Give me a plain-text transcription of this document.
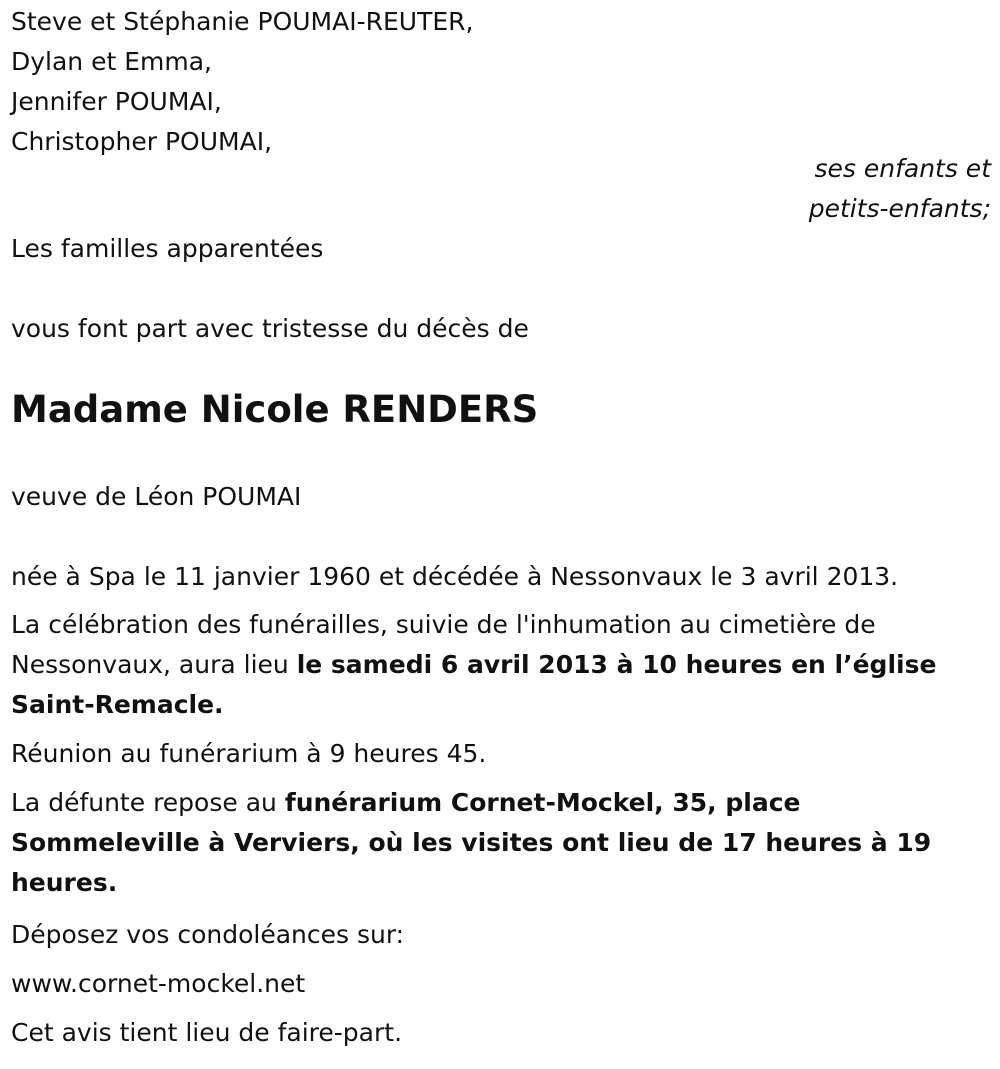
Steve et Stéphanie POUMAI-REUTER,
Dylan et Emma,
Jennifer POUMAI,
Christopher POUMAI,
ses enfants et
petits-enfants;
Les familles apparentées
vous font part avec tristesse du décès de
Madame Nicole RENDERS
veuve de Léon POUMAI
née à Spa le 11 janvier 1960 et décédée à Nessonvaux le 3 avril 2013.
La célébration des funérailles, suivie de l'inhumation au cimetière de Nessonvaux, aura lieu le samedi 6 avril 2013 à 10 heures en l’église Saint-Remacle.
Réunion au funérarium à 9 heures 45.
La défunte repose au funérarium Cornet-Mockel, 35, place Sommeleville à Verviers, où les visites ont lieu de 17 heures à 19 heures.
Déposez vos condoléances sur:
www.cornet-mockel.net
Cet avis tient lieu de faire-part.
